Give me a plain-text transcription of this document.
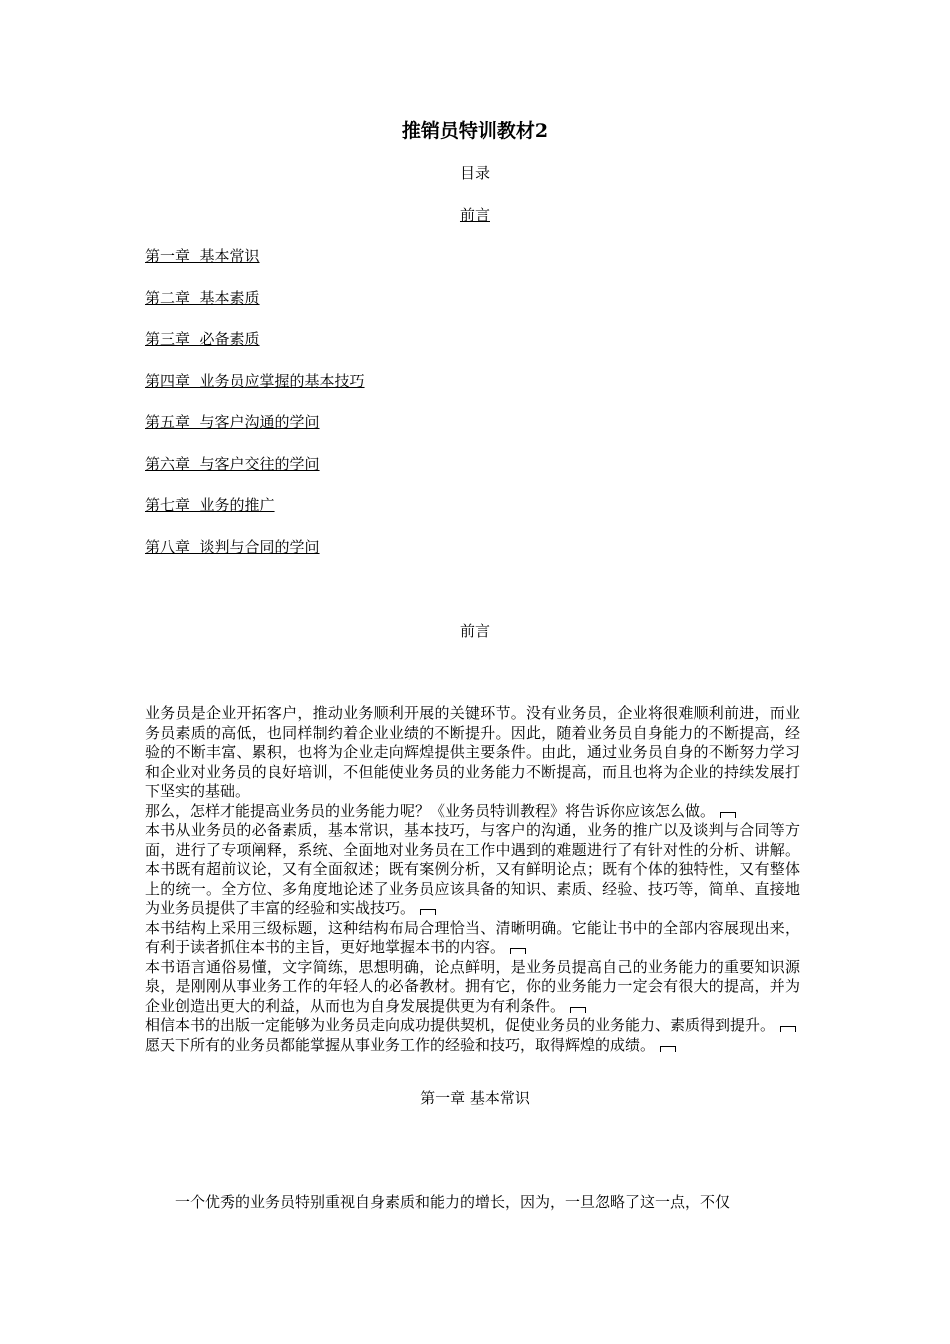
推销员特训教材2
目录
前言
第一章  基本常识
第二章  基本素质
第三章  必备素质
第四章  业务员应掌握的基本技巧
第五章  与客户沟通的学问
第六章  与客户交往的学问
第七章  业务的推广
第八章  谈判与合同的学问
前言

业务员是企业开拓客户，推动业务顺利开展的关键环节。没有业务员，企业将很难顺利前进，而业务员素质的高低，也同样制约着企业业绩的不断提升。因此，随着业务员自身能力的不断提高，经验的不断丰富、累积，也将为企业走向辉煌提供主要条件。由此，通过业务员自身的不断努力学习和企业对业务员的良好培训，不但能使业务员的业务能力不断提高，而且也将为企业的持续发展打下坚实的基础。

那么，怎样才能提高业务员的业务能力呢？《业务员特训教程》将告诉你应该怎么做。

本书从业务员的必备素质，基本常识，基本技巧，与客户的沟通，业务的推广以及谈判与合同等方面，进行了专项阐释，系统、全面地对业务员在工作中遇到的难题进行了有针对性的分析、讲解。本书既有超前议论，又有全面叙述；既有案例分析，又有鲜明论点；既有个体的独特性，又有整体上的统一。全方位、多角度地论述了业务员应该具备的知识、素质、经验、技巧等，简单、直接地为业务员提供了丰富的经验和实战技巧。

本书结构上采用三级标题，这种结构布局合理恰当、清晰明确。它能让书中的全部内容展现出来，有利于读者抓住本书的主旨，更好地掌握本书的内容。

本书语言通俗易懂，文字简练，思想明确，论点鲜明，是业务员提高自己的业务能力的重要知识源泉，是刚刚从事业务工作的年轻人的必备教材。拥有它，你的业务能力一定会有很大的提高，并为企业创造出更大的利益，从而也为自身发展提供更为有利条件。

相信本书的出版一定能够为业务员走向成功提供契机，促使业务员的业务能力、素质得到提升。

愿天下所有的业务员都能掌握从事业务工作的经验和技巧，取得辉煌的成绩。

第一章 基本常识

一个优秀的业务员特别重视自身素质和能力的增长，因为，一旦忽略了这一点，不仅
